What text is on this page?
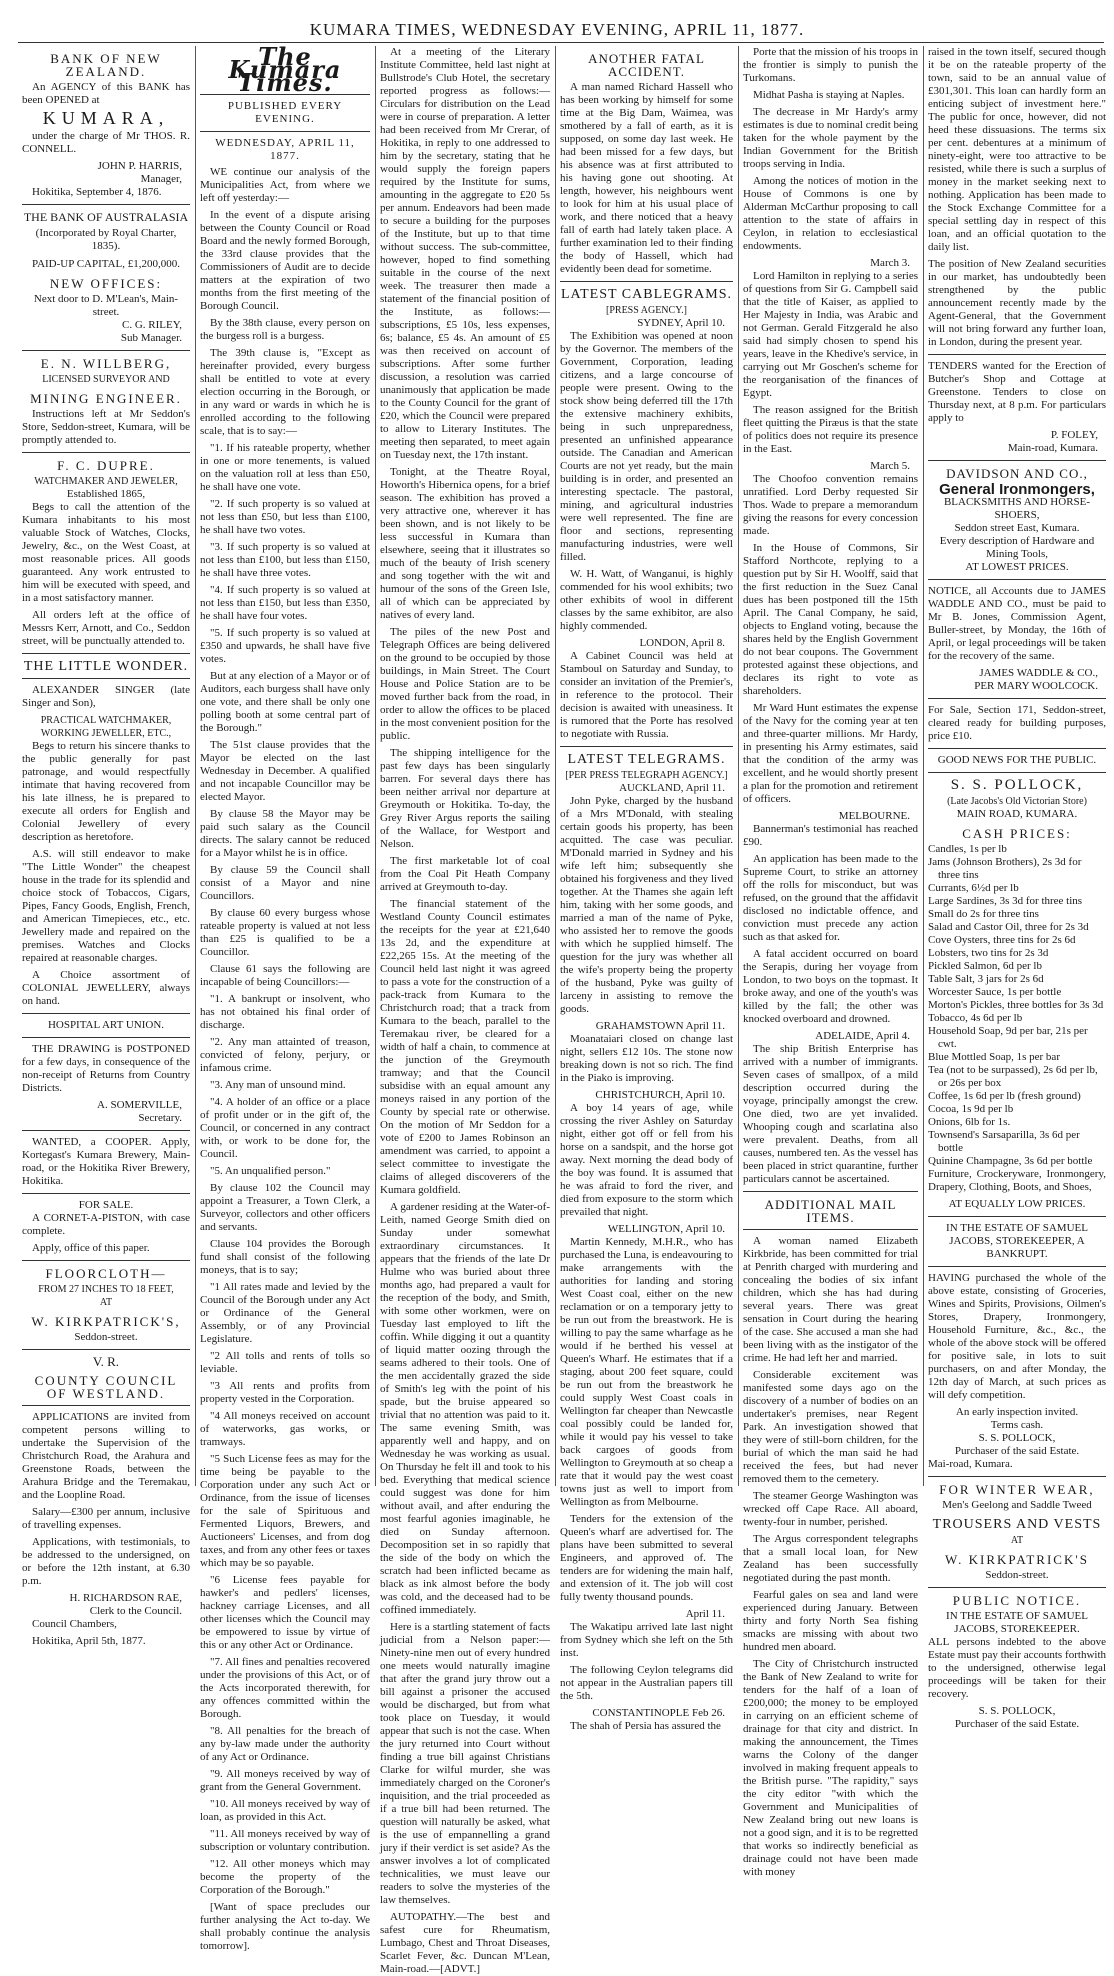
KUMARA TIMES, WEDNESDAY EVENING, APRIL 11, 1877.
BANK OF NEW ZEALAND.

An AGENCY of this BANK has been OPENED at

KUMARA,

under the charge of Mr THOS. R. CONNELL.

JOHN P. HARRIS,
Manager,

Hokitika, September 4, 1876.

THE BANK OF AUSTRALASIA
(Incorporated by Royal Charter, 1835).
PAID-UP CAPITAL, £1,200,000.
NEW OFFICES:
Next door to D. M'Lean's, Main-street.
C. G. RILEY,
Sub Manager.
E. N. WILLBERG,
LICENSED SURVEYOR AND
MINING ENGINEER.

Instructions left at Mr Seddon's Store, Seddon-street, Kumara, will be promptly attended to.

F. C. DUPRE.
WATCHMAKER AND JEWELER,
Established 1865,

Begs to call the attention of the Kumara inhabitants to his most valuable Stock of Watches, Clocks, Jewelry, &c., on the West Coast, at most reasonable prices. All goods guaranteed. Any work entrusted to him will be executed with speed, and in a most satisfactory manner.

All orders left at the office of Messrs Kerr, Arnott, and Co., Seddon street, will be punctually attended to.

THE LITTLE WONDER.

ALEXANDER SINGER (late Singer and Son),

PRACTICAL WATCHMAKER, WORKING JEWELLER, ETC.,

Begs to return his sincere thanks to the public generally for past patronage, and would respectfully intimate that having recovered from his late illness, he is prepared to execute all orders for English and Colonial Jewellery of every description as heretofore.

A.S. will still endeavor to make "The Little Wonder" the cheapest house in the trade for its splendid and choice stock of Tobaccos, Cigars, Pipes, Fancy Goods, English, French, and American Timepieces, etc., etc. Jewellery made and repaired on the premises. Watches and Clocks repaired at reasonable charges.

A Choice assortment of COLONIAL JEWELLERY, always on hand.

HOSPITAL ART UNION.

THE DRAWING is POSTPONED for a few days, in consequence of the non-receipt of Returns from Country Districts.

A. SOMERVILLE,
Secretary.

WANTED, a COOPER. Apply, Kortegast's Kumara Brewery, Main-road, or the Hokitika River Brewery, Hokitika.

FOR SALE.

A CORNET-A-PISTON, with case complete.

Apply, office of this paper.

FLOORCLOTH—
FROM 27 INCHES TO 18 FEET,
AT
W. KIRKPATRICK'S,
Seddon-street.
V. R.
COUNTY COUNCIL OF WESTLAND.

APPLICATIONS are invited from competent persons willing to undertake the Supervision of the Christchurch Road, the Arahura and Greenstone Roads, between the Arahura Bridge and the Teremakau, and the Loopline Road.

Salary—£300 per annum, inclusive of travelling expenses.

Applications, with testimonials, to be addressed to the undersigned, on or before the 12th instant, at 6.30 p.m.

H. RICHARDSON RAE,
Clerk to the Council.

Council Chambers,

Hokitika, April 5th, 1877.

The Kumara Times.
PUBLISHED EVERY EVENING.
WEDNESDAY, APRIL 11, 1877.

WE continue our analysis of the Municipalities Act, from where we left off yesterday:—

In the event of a dispute arising between the County Council or Road Board and the newly formed Borough, the 33rd clause provides that the Commissioners of Audit are to decide matters at the expiration of two months from the first meeting of the Borough Council.

By the 38th clause, every person on the burgess roll is a burgess.

The 39th clause is, "Except as hereinafter provided, every burgess shall be entitled to vote at every election occurring in the Borough, or in any ward or wards in which he is enrolled according to the following scale, that is to say:—

"1. If his rateable property, whether in one or more tenements, is valued on the valuation roll at less than £50, he shall have one vote.

"2. If such property is so valued at not less than £50, but less than £100, he shall have two votes.

"3. If such property is so valued at not less than £100, but less than £150, he shall have three votes.

"4. If such property is so valued at not less than £150, but less than £350, he shall have four votes.

"5. If such property is so valued at £350 and upwards, he shall have five votes.

But at any election of a Mayor or of Auditors, each burgess shall have only one vote, and there shall be only one polling booth at some central part of the Borough."

The 51st clause provides that the Mayor be elected on the last Wednesday in December. A qualified and not incapable Councillor may be elected Mayor.

By clause 58 the Mayor may be paid such salary as the Council directs. The salary cannot be reduced for a Mayor whilst he is in office.

By clause 59 the Council shall consist of a Mayor and nine Councillors.

By clause 60 every burgess whose rateable property is valued at not less than £25 is qualified to be a Councillor.

Clause 61 says the following are incapable of being Councillors:—

"1. A bankrupt or insolvent, who has not obtained his final order of discharge.

"2. Any man attainted of treason, convicted of felony, perjury, or infamous crime.

"3. Any man of unsound mind.

"4. A holder of an office or a place of profit under or in the gift of, the Council, or concerned in any contract with, or work to be done for, the Council.

"5. An unqualified person."

By clause 102 the Council may appoint a Treasurer, a Town Clerk, a Surveyor, collectors and other officers and servants.

Clause 104 provides the Borough fund shall consist of the following moneys, that is to say;

"1 All rates made and levied by the Council of the Borough under any Act or Ordinance of the General Assembly, or of any Provincial Legislature.

"2 All tolls and rents of tolls so leviable.

"3 All rents and profits from property vested in the Corporation.

"4 All moneys received on account of waterworks, gas works, or tramways.

"5 Such License fees as may for the time being be payable to the Corporation under any such Act or Ordinance, from the issue of licenses for the sale of Spirituous and Fermented Liquors, Brewers, and Auctioneers' Licenses, and from dog taxes, and from any other fees or taxes which may be so payable.

"6 License fees payable for hawker's and pedlers' licenses, hackney carriage Licenses, and all other licenses which the Council may be empowered to issue by virtue of this or any other Act or Ordinance.

"7. All fines and penalties recovered under the provisions of this Act, or of the Acts incorporated therewith, for any offences committed within the Borough.

"8. All penalties for the breach of any by-law made under the authority of any Act or Ordinance.

"9. All moneys received by way of grant from the General Government.

"10. All moneys received by way of loan, as provided in this Act.

"11. All moneys received by way of subscription or voluntary contribution.

"12. All other moneys which may become the property of the Corporation of the Borough."

[Want of space precludes our further analysing the Act to-day. We shall probably continue the analysis tomorrow].

At a meeting of the Literary Institute Committee, held last night at Bullstrode's Club Hotel, the secretary reported progress as follows:—Circulars for distribution on the Lead were in course of preparation. A letter had been received from Mr Crerar, of Hokitika, in reply to one addressed to him by the secretary, stating that he would supply the foreign papers required by the Institute for sums, amounting in the aggregate to £20 5s per annum. Endeavors had been made to secure a building for the purposes of the Institute, but up to that time without success. The sub-committee, however, hoped to find something suitable in the course of the next week. The treasurer then made a statement of the financial position of the Institute, as follows:—subscriptions, £5 10s, less expenses, 6s; balance, £5 4s. An amount of £5 was then received on account of subscriptions. After some further discussion, a resolution was carried unanimously that application be made to the County Council for the grant of £20, which the Council were prepared to allow to Literary Institutes. The meeting then separated, to meet again on Tuesday next, the 17th instant.

Tonight, at the Theatre Royal, Howorth's Hibernica opens, for a brief season. The exhibition has proved a very attractive one, wherever it has been shown, and is not likely to be less successful in Kumara than elsewhere, seeing that it illustrates so much of the beauty of Irish scenery and song together with the wit and humour of the sons of the Green Isle, all of which can be appreciated by natives of every land.

The piles of the new Post and Telegraph Offices are being delivered on the ground to be occupied by those buildings, in Main Street. The Court House and Police Station are to be moved further back from the road, in order to allow the offices to be placed in the most convenient position for the public.

The shipping intelligence for the past few days has been singularly barren. For several days there has been neither arrival nor departure at Greymouth or Hokitika. To-day, the Grey River Argus reports the sailing of the Wallace, for Westport and Nelson.

The first marketable lot of coal from the Coal Pit Heath Company arrived at Greymouth to-day.

The financial statement of the Westland County Council estimates the receipts for the year at £21,640 13s 2d, and the expenditure at £22,265 15s. At the meeting of the Council held last night it was agreed to pass a vote for the construction of a pack-track from Kumara to the Christchurch road; that a track from Kumara to the beach, parallel to the Teremakau river, be cleared for a width of half a chain, to commence at the junction of the Greymouth tramway; and that the Council subsidise with an equal amount any moneys raised in any portion of the County by special rate or otherwise. On the motion of Mr Seddon for a vote of £200 to James Robinson an amendment was carried, to appoint a select committee to investigate the claims of alleged discoverers of the Kumara goldfield.

A gardener residing at the Water-of-Leith, named George Smith died on Sunday under somewhat extraordinary circumstances. It appears that the friends of the late Dr Hulme who was buried about three months ago, had prepared a vault for the reception of the body, and Smith, with some other workmen, were on Tuesday last employed to lift the coffin. While digging it out a quantity of liquid matter oozing through the seams adhered to their tools. One of the men accidentally grazed the side of Smith's leg with the point of his spade, but the bruise appeared so trivial that no attention was paid to it. The same evening Smith, was apparently well and happy, and on Wednesday he was working as usual. On Thursday he felt ill and took to his bed. Everything that medical science could suggest was done for him without avail, and after enduring the most fearful agonies imaginable, he died on Sunday afternoon. Decomposition set in so rapidly that the side of the body on which the scratch had been inflicted became as black as ink almost before the body was cold, and the deceased had to be coffined immediately.

Here is a startling statement of facts judicial from a Nelson paper:—Ninety-nine men out of every hundred one meets would naturally imagine that after the grand jury throw out a bill against a prisoner the accused would be discharged, but from what took place on Tuesday, it would appear that such is not the case. When the jury returned into Court without finding a true bill against Christians Clarke for wilful murder, she was immediately charged on the Coroner's inquisition, and the trial proceeded as if a true bill had been returned. The question will naturally be asked, what is the use of empannelling a grand jury if their verdict is set aside? As the answer involves a lot of complicated technicalities, we must leave our readers to solve the mysteries of the law themselves.

AUTOPATHY.—The best and safest cure for Rheumatism, Lumbago, Chest and Throat Diseases, Scarlet Fever, &c. Duncan M'Lean, Main-road.—[ADVT.]

ANOTHER FATAL ACCIDENT.

A man named Richard Hassell who has been working by himself for some time at the Big Dam, Waimea, was smothered by a fall of earth, as it is supposed, on some day last week. He had been missed for a few days, but his absence was at first attributed to his having gone out shooting. At length, however, his neighbours went to look for him at his usual place of work, and there noticed that a heavy fall of earth had lately taken place. A further examination led to their finding the body of Hassell, which had evidently been dead for sometime.

LATEST CABLEGRAMS.
[PRESS AGENCY.]
SYDNEY, April 10.

The Exhibition was opened at noon by the Governor. The members of the Government, Corporation, leading citizens, and a large concourse of people were present. Owing to the stock show being deferred till the 17th the extensive machinery exhibits, being in such unpreparedness, presented an unfinished appearance outside. The Canadian and American Courts are not yet ready, but the main building is in order, and presented an interesting spectacle. The pastoral, mining, and agricultural industries were well represented. The fine are floor and sections, representing manufacturing industries, were well filled.

W. H. Watt, of Wanganui, is highly commended for his wool exhibits; two other exhibits of wool in different classes by the same exhibitor, are also highly commended.

LONDON, April 8.

A Cabinet Council was held at Stamboul on Saturday and Sunday, to consider an invitation of the Premier's, in reference to the protocol. Their decision is awaited with uneasiness. It is rumored that the Porte has resolved to negotiate with Russia.

LATEST TELEGRAMS.
[PER PRESS TELEGRAPH AGENCY.]
AUCKLAND, April 11.

John Pyke, charged by the husband of a Mrs M'Donald, with stealing certain goods his property, has been acquitted. The case was peculiar. M'Donald married in Sydney and his wife left him; subsequently she obtained his forgiveness and they lived together. At the Thames she again left him, taking with her some goods, and married a man of the name of Pyke, who assisted her to remove the goods with which he supplied himself. The question for the jury was whether all the wife's property being the property of the husband, Pyke was guilty of larceny in assisting to remove the goods.

GRAHAMSTOWN April 11.

Moanataiari closed on change last night, sellers £12 10s. The stone now breaking down is not so rich. The find in the Piako is improving.

CHRISTCHURCH, April 10.

A boy 14 years of age, while crossing the river Ashley on Saturday night, either got off or fell from his horse on a sandspit, and the horse got away. Next morning the dead body of the boy was found. It is assumed that he was afraid to ford the river, and died from exposure to the storm which prevailed that night.

WELLINGTON, April 10.

Martin Kennedy, M.H.R., who has purchased the Luna, is endeavouring to make arrangements with the authorities for landing and storing West Coast coal, either on the new reclamation or on a temporary jetty to be run out from the breastwork. He is willing to pay the same wharfage as he would if he berthed his vessel at Queen's Wharf. He estimates that if a staging, about 200 feet square, could be run out from the breastwork he could supply West Coast coals in Wellington far cheaper than Newcastle coal possibly could be landed for, while it would pay his vessel to take back cargoes of goods from Wellington to Greymouth at so cheap a rate that it would pay the west coast towns just as well to import from Wellington as from Melbourne.

Tenders for the extension of the Queen's wharf are advertised for. The plans have been submitted to several Engineers, and approved of. The tenders are for widening the main half, and extension of it. The job will cost fully twenty thousand pounds.

April 11.

The Wakatipu arrived late last night from Sydney which she left on the 5th inst.

The following Ceylon telegrams did not appear in the Australian papers till the 5th.

CONSTANTINOPLE Feb 26.

The shah of Persia has assured the

Porte that the mission of his troops in the frontier is simply to punish the Turkomans.

Midhat Pasha is staying at Naples.

The decrease in Mr Hardy's army estimates is due to nominal credit being taken for the whole payment by the Indian Government for the British troops serving in India.

Among the notices of motion in the House of Commons is one by Alderman McCarthur proposing to call attention to the state of affairs in Ceylon, in relation to ecclesiastical endowments.

March 3.

Lord Hamilton in replying to a series of questions from Sir G. Campbell said that the title of Kaiser, as applied to Her Majesty in India, was Arabic and not German. Gerald Fitzgerald he also said had simply chosen to spend his years, leave in the Khedive's service, in carrying out Mr Goschen's scheme for the reorganisation of the finances of Egypt.

The reason assigned for the British fleet quitting the Piræus is that the state of politics does not require its presence in the East.

March 5.

The Choofoo convention remains unratified. Lord Derby requested Sir Thos. Wade to prepare a memorandum giving the reasons for every concession made.

In the House of Commons, Sir Stafford Northcote, replying to a question put by Sir H. Woolff, said that the first reduction in the Suez Canal dues has been postponed till the 15th April. The Canal Company, he said, objects to England voting, because the shares held by the English Government do not bear coupons. The Government protested against these objections, and declares its right to vote as shareholders.

Mr Ward Hunt estimates the expense of the Navy for the coming year at ten and three-quarter millions. Mr Hardy, in presenting his Army estimates, said that the condition of the army was excellent, and he would shortly present a plan for the promotion and retirement of officers.

MELBOURNE.

Bannerman's testimonial has reached £90.

An application has been made to the Supreme Court, to strike an attorney off the rolls for misconduct, but was refused, on the ground that the affidavit disclosed no indictable offence, and conviction must precede any action such as that asked for.

A fatal accident occurred on board the Serapis, during her voyage from London, to two boys on the topmast. It broke away, and one of the youth's was killed by the fall; the other was knocked overboard and drowned.

ADELAIDE, April 4.

The ship British Enterprise has arrived with a number of immigrants. Seven cases of smallpox, of a mild description occurred during the voyage, principally amongst the crew. One died, two are yet invalided. Whooping cough and scarlatina also were prevalent. Deaths, from all causes, numbered ten. As the vessel has been placed in strict quarantine, further particulars cannot be ascertained.

ADDITIONAL MAIL ITEMS.

A woman named Elizabeth Kirkbride, has been committed for trial at Penrith charged with murdering and concealing the bodies of six infant children, which she has had during several years. There was great sensation in Court during the hearing of the case. She accused a man she had been living with as the instigator of the crime. He had left her and married.

Considerable excitement was manifested some days ago on the discovery of a number of bodies on an undertaker's premises, near Regent Park. An investigation showed that they were of still-born children, for the burial of which the man said he had received the fees, but had never removed them to the cemetery.

The steamer George Washington was wrecked off Cape Race. All aboard, twenty-four in number, perished.

The Argus correspondent telegraphs that a small local loan, for New Zealand has been successfully negotiated during the past month.

Fearful gales on sea and land were experienced during January. Between thirty and forty North Sea fishing smacks are missing with about two hundred men aboard.

The City of Christchurch instructed the Bank of New Zealand to write for tenders for the half of a loan of £200,000; the money to be employed in carrying on an efficient scheme of drainage for that city and district. In making the announcement, the Times warns the Colony of the danger involved in making frequent appeals to the British purse. "The rapidity," says the city editor "with which the Government and Municipalities of New Zealand bring out new loans is not a good sign, and it is to be regretted that works so indirectly beneficial as drainage could not have been made with money

raised in the town itself, secured though it be on the rateable property of the town, said to be an annual value of £301,301. This loan can hardly form an enticing subject of investment here." The public for once, however, did not heed these dissuasions. The terms six per cent. debentures at a minimum of ninety-eight, were too attractive to be resisted, while there is such a surplus of money in the market seeking next to nothing. Application has been made to the Stock Exchange Committee for a special settling day in respect of this loan, and an official quotation to the daily list.

The position of New Zealand securities in our market, has undoubtedly been strengthened by the public announcement recently made by the Agent-General, that the Government will not bring forward any further loan, in London, during the present year.

TENDERS wanted for the Erection of Butcher's Shop and Cottage at Greenstone. Tenders to close on Thursday next, at 8 p.m. For particulars apply to

P. FOLEY,
Main-road, Kumara.
DAVIDSON AND CO.,
General Ironmongers,
BLACKSMITHS AND HORSE-SHOERS,
Seddon street East, Kumara.
Every description of Hardware and Mining Tools,
AT LOWEST PRICES.

NOTICE, all Accounts due to JAMES WADDLE AND CO., must be paid to Mr B. Jones, Commission Agent, Buller-street, by Monday, the 16th of April, or legal proceedings will be taken for the recovery of the same.

JAMES WADDLE & CO.,
PER MARY WOOLCOCK.

For Sale, Section 171, Seddon-street, cleared ready for building purposes, price £10.

GOOD NEWS FOR THE PUBLIC.
S. S. POLLOCK,
(Late Jacobs's Old Victorian Store)
MAIN ROAD, KUMARA.
CASH PRICES:
Candles, 1s per lb
Jams (Johnson Brothers), 2s 3d for three tins
Currants, 6½d per lb
Large Sardines, 3s 3d for three tins
Small do 2s for three tins
Salad and Castor Oil, three for 2s 3d
Cove Oysters, three tins for 2s 6d
Lobsters, two tins for 2s 3d
Pickled Salmon, 6d per lb
Table Salt, 3 jars for 2s 6d
Worcester Sauce, 1s per bottle
Morton's Pickles, three bottles for 3s 3d
Tobacco, 4s 6d per lb
Household Soap, 9d per bar, 21s per cwt.
Blue Mottled Soap, 1s per bar
Tea (not to be surpassed), 2s 6d per lb, or 26s per box
Coffee, 1s 6d per lb (fresh ground)
Cocoa, 1s 9d per lb
Onions, 6lb for 1s.
Townsend's Sarsaparilla, 3s 6d per bottle
Quinine Champagne, 3s 6d per bottle

Furniture, Crockeryware, Ironmongery, Drapery, Clothing, Boots, and Shoes,

AT EQUALLY LOW PRICES.
IN THE ESTATE OF SAMUEL JACOBS, STOREKEEPER, A BANKRUPT.

HAVING purchased the whole of the above estate, consisting of Groceries, Wines and Spirits, Provisions, Oilmen's Stores, Drapery, Ironmongery, Household Furniture, &c., &c., the whole of the above stock will be offered for positive sale, in lots to suit purchasers, on and after Monday, the 12th day of March, at such prices as will defy competition.

An early inspection invited.
Terms cash.
S. S. POLLOCK,
Purchaser of the said Estate.
Mai-road, Kumara.
FOR WINTER WEAR,
Men's Geelong and Saddle Tweed
TROUSERS AND VESTS
AT
W. KIRKPATRICK'S
Seddon-street.
PUBLIC NOTICE.
IN THE ESTATE OF SAMUEL JACOBS, STOREKEEPER.

ALL persons indebted to the above Estate must pay their accounts forthwith to the undersigned, otherwise legal proceedings will be taken for their recovery.

S. S. POLLOCK,
Purchaser of the said Estate.
